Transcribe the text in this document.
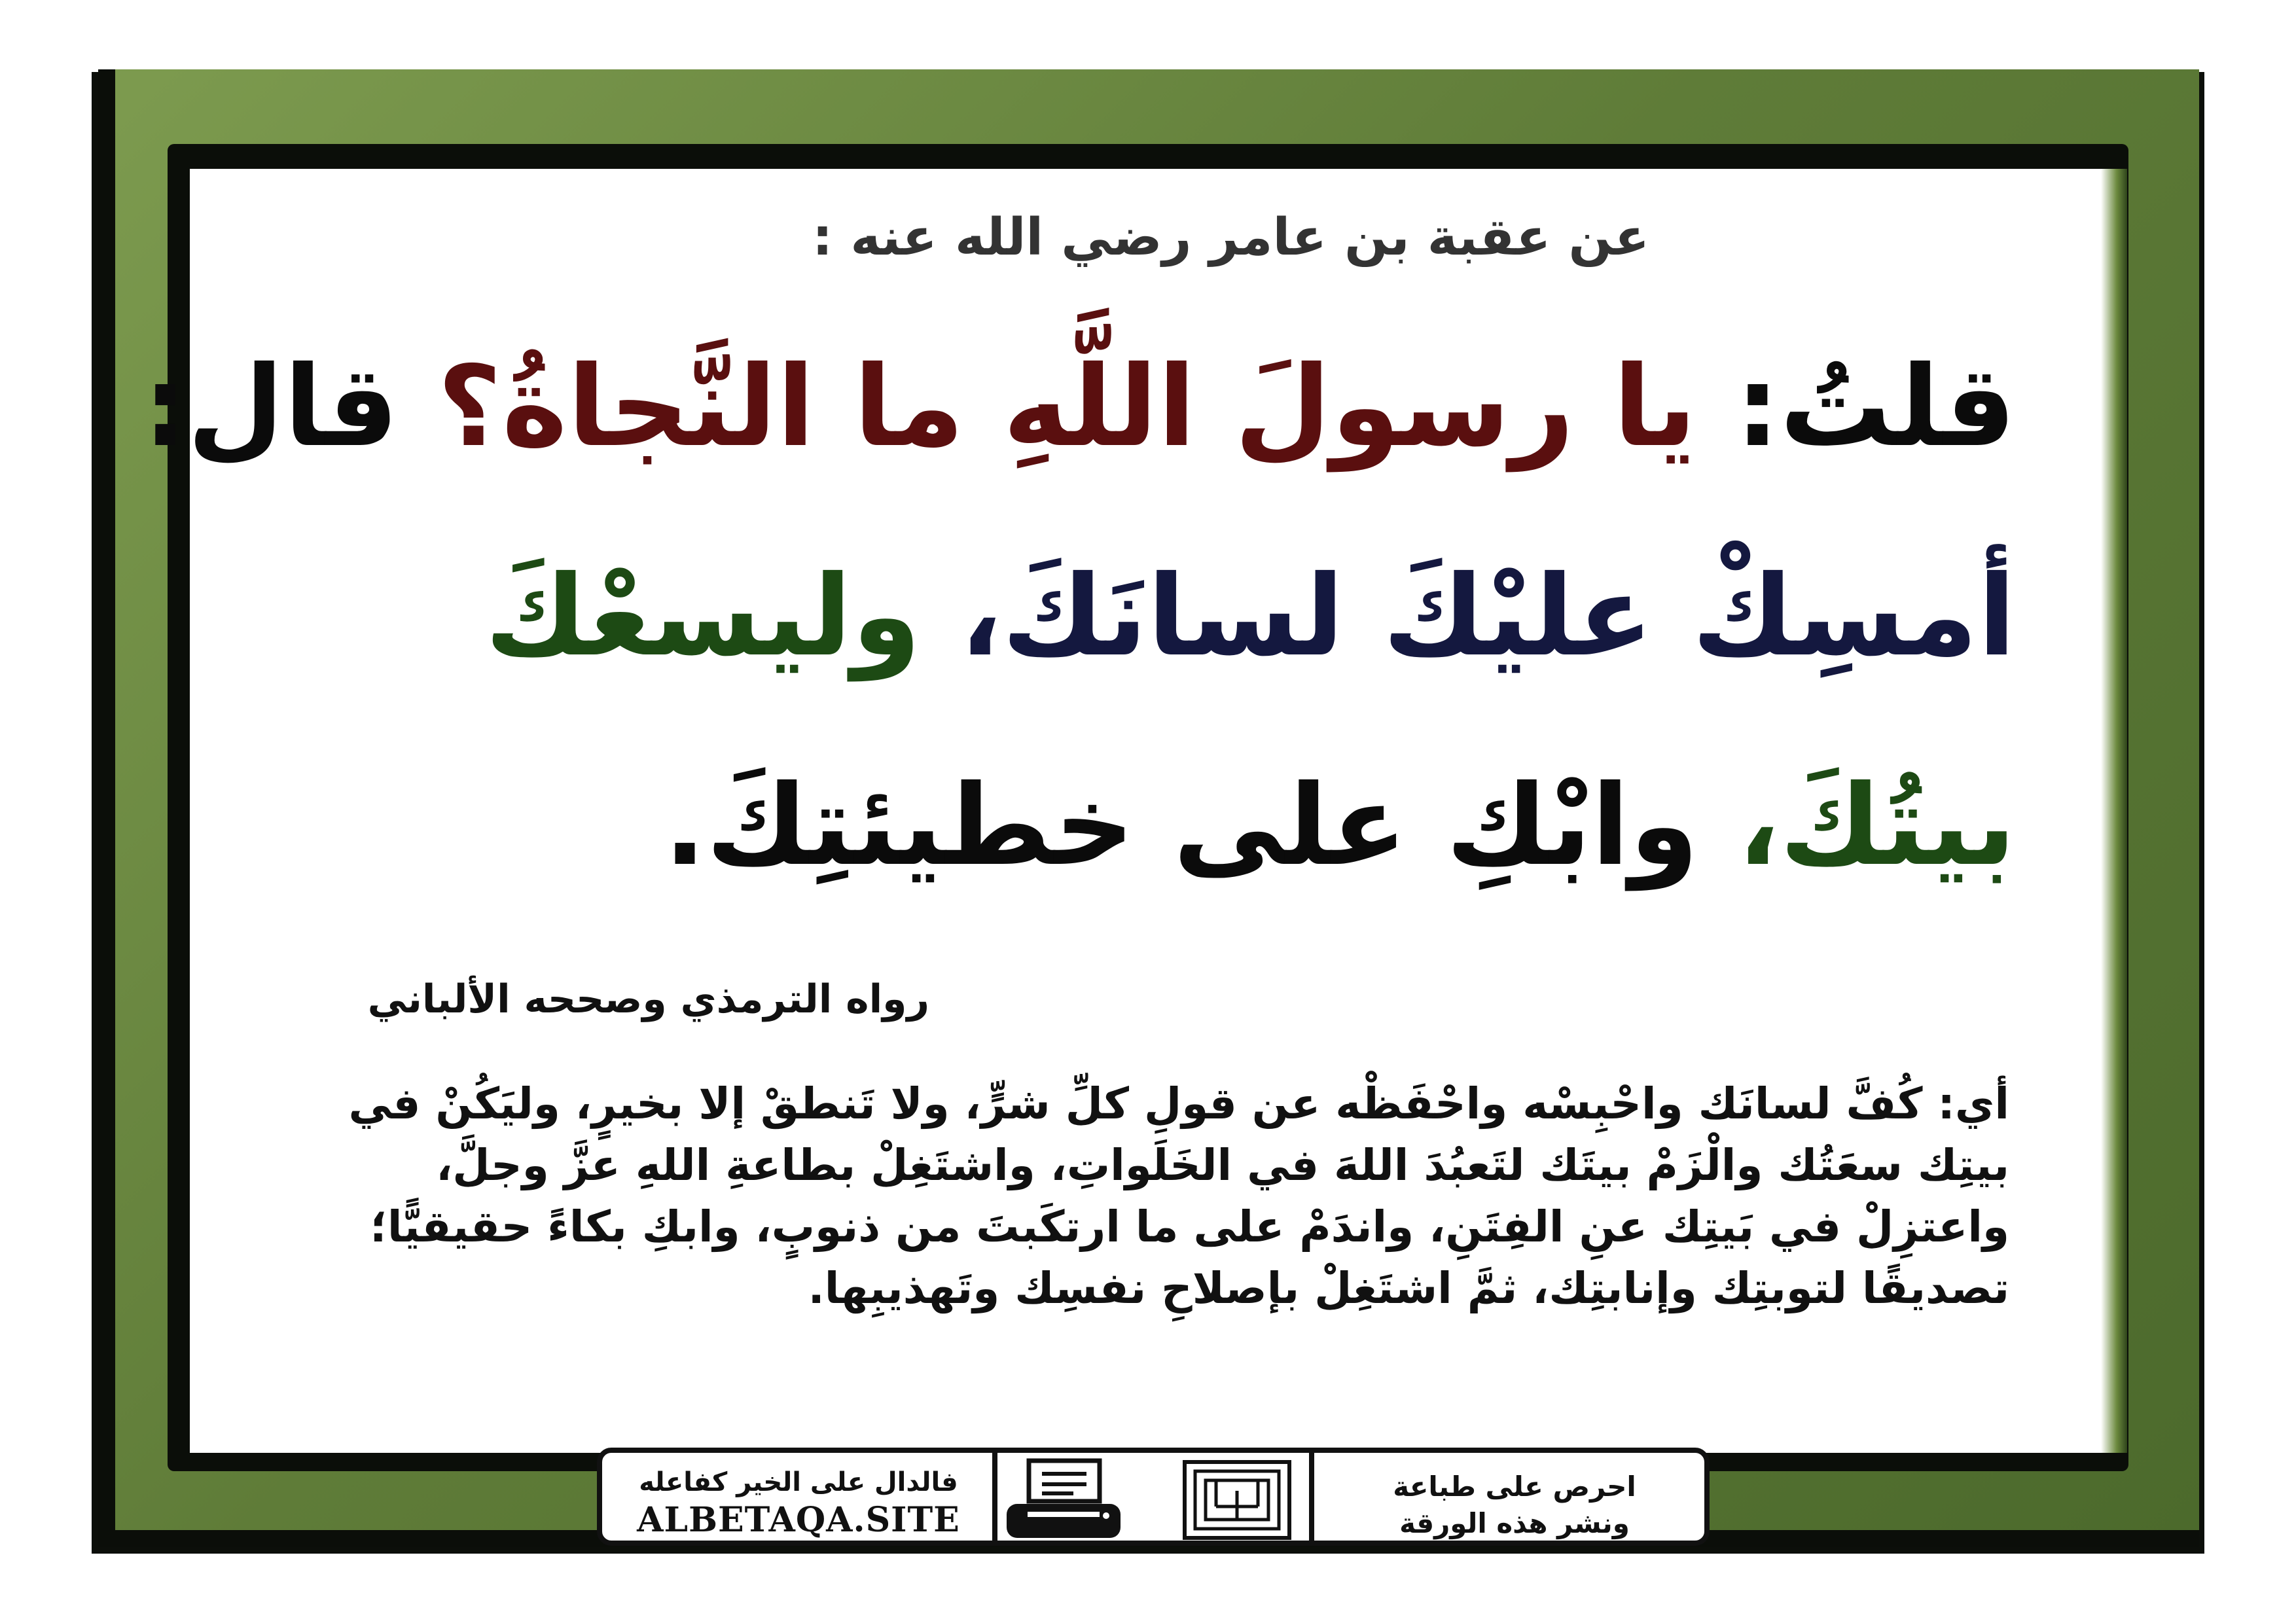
عن عقبة بن عامر رضي الله عنه :
قلتُ: يا رسولَ اللَّهِ ما النَّجاةُ؟ قال:
أمسِكْ عليْكَ لسانَكَ، وليسعْكَ
بيتُكَ، وابْكِ على خطيئتِكَ.
رواه الترمذي وصححه الألباني
أي: كُفَّ لسانَك واحْبِسْه واحْفَظْه عن قولِ كلِّ شرٍّ، ولا تَنطقْ إلا بخيرٍ، وليَكُنْ في بيتِك سعَتُك والْزَمْ بيتَك لتَعبُدَ اللهَ في الخَلَواتِ، واشتَغِلْ بطاعةِ اللهِ عزَّ وجلَّ، واعتزِلْ في بَيتِك عنِ الفِتَنِ، واندَمْ على ما ارتكَبتَ من ذنوبٍ، وابكِ بكاءً حقيقيًّا؛ تصديقًا لتوبتِك وإنابتِك، ثمَّ اشتَغِلْ بإصلاحِ نفسِك وتَهذيبِها.
فالدال على الخير كفاعله
ALBETAQA.SITE
احرص على طباعة
ونشر هذه الورقة
